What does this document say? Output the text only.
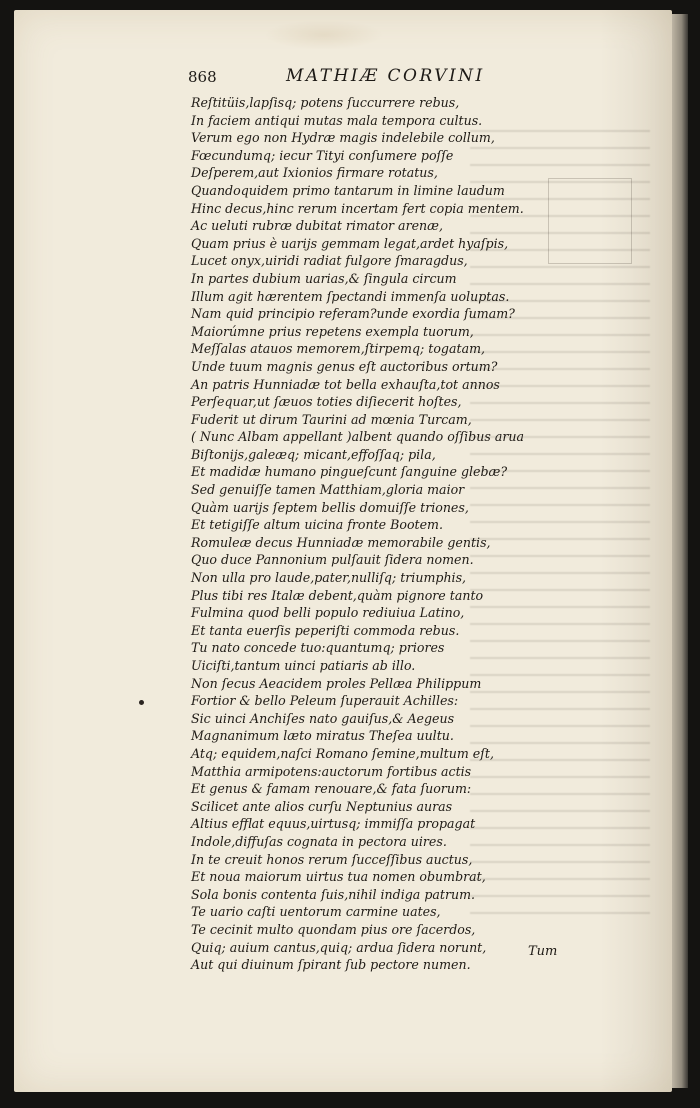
868	MATHIÆ CORVINI
Reſtitüis,lapſisq; potens ſuccurrere rebus,
In faciem antiqui mutas mala tempora cultus.
Verum ego non Hydræ magis indelebile collum,
Fœcundumq; iecur Tityi conſumere poſſe
Deſperem,aut Ixionios firmare rotatus,
Quandoquidem primo tantarum in limine laudum
Hinc decus,hinc rerum incertam fert copia mentem.
Ac ueluti rubræ dubitat rimator arenæ,
Quam prius è uarijs gemmam legat,ardet hyaſpis,
Lucet onyx,uiridi radiat fulgore ſmaragdus,
In partes dubium uarias,& ſingula circum
Illum agit hærentem ſpectandi immenſa uoluptas.
Nam quid principio referam?unde exordia ſumam?
Maiorúmne prius repetens exempla tuorum,
Meſſalas atauos memorem,ſtirpemq; togatam,
Unde tuum magnis genus eſt auctoribus ortum?
An patris Hunniadæ tot bella exhauſta,tot annos
Perſequar,ut ſæuos toties diſiecerit hoſtes,
Fuderit ut dirum Taurini ad mœnia Turcam,
( Nunc Albam appellant )albent quando oſſibus arua
Biſtonijs,galeæq; micant,effoſſaq; pila,
Et madidæ humano pingueſcunt ſanguine glebæ?
Sed genuiſſe tamen Matthiam,gloria maior
Quàm uarijs ſeptem bellis domuiſſe triones,
Et tetigiſſe altum uicina fronte Bootem.
Romuleæ decus Hunniadæ memorabile gentis,
Quo duce Pannonium pulſauit ſidera nomen.
Non ulla pro laude,pater,nulliſq; triumphis,
Plus tibi res Italæ debent,quàm pignore tanto
Fulmina quod belli populo rediuiua Latino,
Et tanta euerſis peperiſti commoda rebus.
Tu nato concede tuo:quantumq; priores
Uiciſti,tantum uinci patiaris ab illo.
Non ſecus Aeacidem proles Pellæa Philippum
Fortior & bello Peleum ſuperauit Achilles:
Sic uinci Anchiſes nato gauiſus,& Aegeus
Magnanimum læto miratus Theſea uultu.
Atq; equidem,naſci Romano ſemine,multum eſt,
Matthia armipotens:auctorum fortibus actis
Et genus & famam renouare,& fata ſuorum:
Scilicet ante alios curſu Neptunius auras
Altius efflat equus,uirtusq; immiſſa propagat
Indole,diffuſas cognata in pectora uires.
In te creuit honos rerum ſucceſſibus auctus,
Et noua maiorum uirtus tua nomen obumbrat,
Sola bonis contenta ſuis,nihil indiga patrum.
Te uario caſti uentorum carmine uates,
Te cecinit multo quondam pius ore ſacerdos,
Quiq; auium cantus,quiq; ardua ſidera norunt,
Aut qui diuinum ſpirant ſub pectore numen.
Tum
